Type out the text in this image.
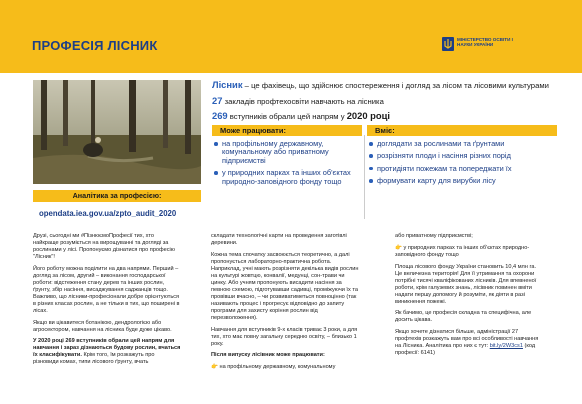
ПРОФЕСІЯ ЛІСНИК	МІНІСТЕРСТВО ОСВІТИ І НАУКИ УКРАЇНИ
Аналітика за професією:
opendata.iea.gov.ua/zpto_audit_2020

Лісник – це фахівець, що здійснює спостереження і догляд за лісом та лісовими культурами

27 закладів профтехосвіти навчають на лісника

269 вступників обрали цей напрям у 2020 році

Може працювати:
на профільному державному, комунальному або приватному підприємстві
у природних парках та інших об'єктах природно-заповідного фонду тощо
Вміє:
доглядати за рослинами та ґрунтами
розрізняти плоди і насіння різних порід
протидіяти пожежам та попереджати їх
формувати карту для вирубки лісу

Друзі, сьогодні ми #ПізнюємоПрофесії тих, хто найкраще розуміється на вирощуванні та догляді за рослинами у лісі. Пропонуємо дізнатися про професію "Лісник"!

Його роботу можна поділити на два напрями. Перший – догляд за лісом, другий – виконання господарської роботи: відстеження стану дерев та інших рослин, ґрунту, збір насіння, висаджування саджанців тощо. Важливо, що лісники-професіонали добре орієнтуються в різних класах рослин, а не тільки в тих, що поширені в лісах.

Якщо ви цікавитеся ботанікою, дендрологією або агросектором, навчання на лісника буде дуже цікаво.

У 2020 році 269 вступників обрали цей напрям для навчання і зараз дізнаються будову рослин, вчаться їх класифікувати. Крім того, їм розкажуть про різновиди комах, типи лісового ґрунту, вчать

складати технологічні карти на проведення заготівлі деревини.

Кожна тема спочатку засвоюється теоретично, а далі пропонується лабораторно-практична робота. Наприклад, учні мають розрізняти декілька видів рослин на культурі жовтцю, конвалії, медунці, сон-трави чи цинку. Або учням пропонують висадити насіння за певною схемою, підготувавши садивці, проміжуючи їх та провівши вчасно, – чи розвиватиметься повноцінно (так називають процес і прогресує відповідно до запиту програми для захисту коріння рослин від перезволоження).

Навчання для вступників 9-х класів триває 3 роки, а для тих, хто має повну загальну середню освіту, – близько 1 року.

Після випуску лісівник може працювати:

👉 на профільному державному, комунальному

або приватному підприємстві;

👉 у природних парках та інших об'єктах природно-заповідного фонду тощо

Площа лісового фонду України становить 10,4 млн га. Це величезна територія! Для її утримання та охорони потрібні тисячі кваліфікованих лісників. Для впевненої роботи, крім галузевих знань, лісівник повинен вміти надати першу допомогу й розуміти, як діяти в разі виникнення пожежі.

Як бачимо, це професія складна та специфічна, але досить цікава.

Якщо хочете дізнатися більше, адміністрації 27 профтехів розкажуть вам про всі особливості навчання на Лісника. Аналітика про них є тут: bit.ly/2W3cs1 (код професії: 6141)
